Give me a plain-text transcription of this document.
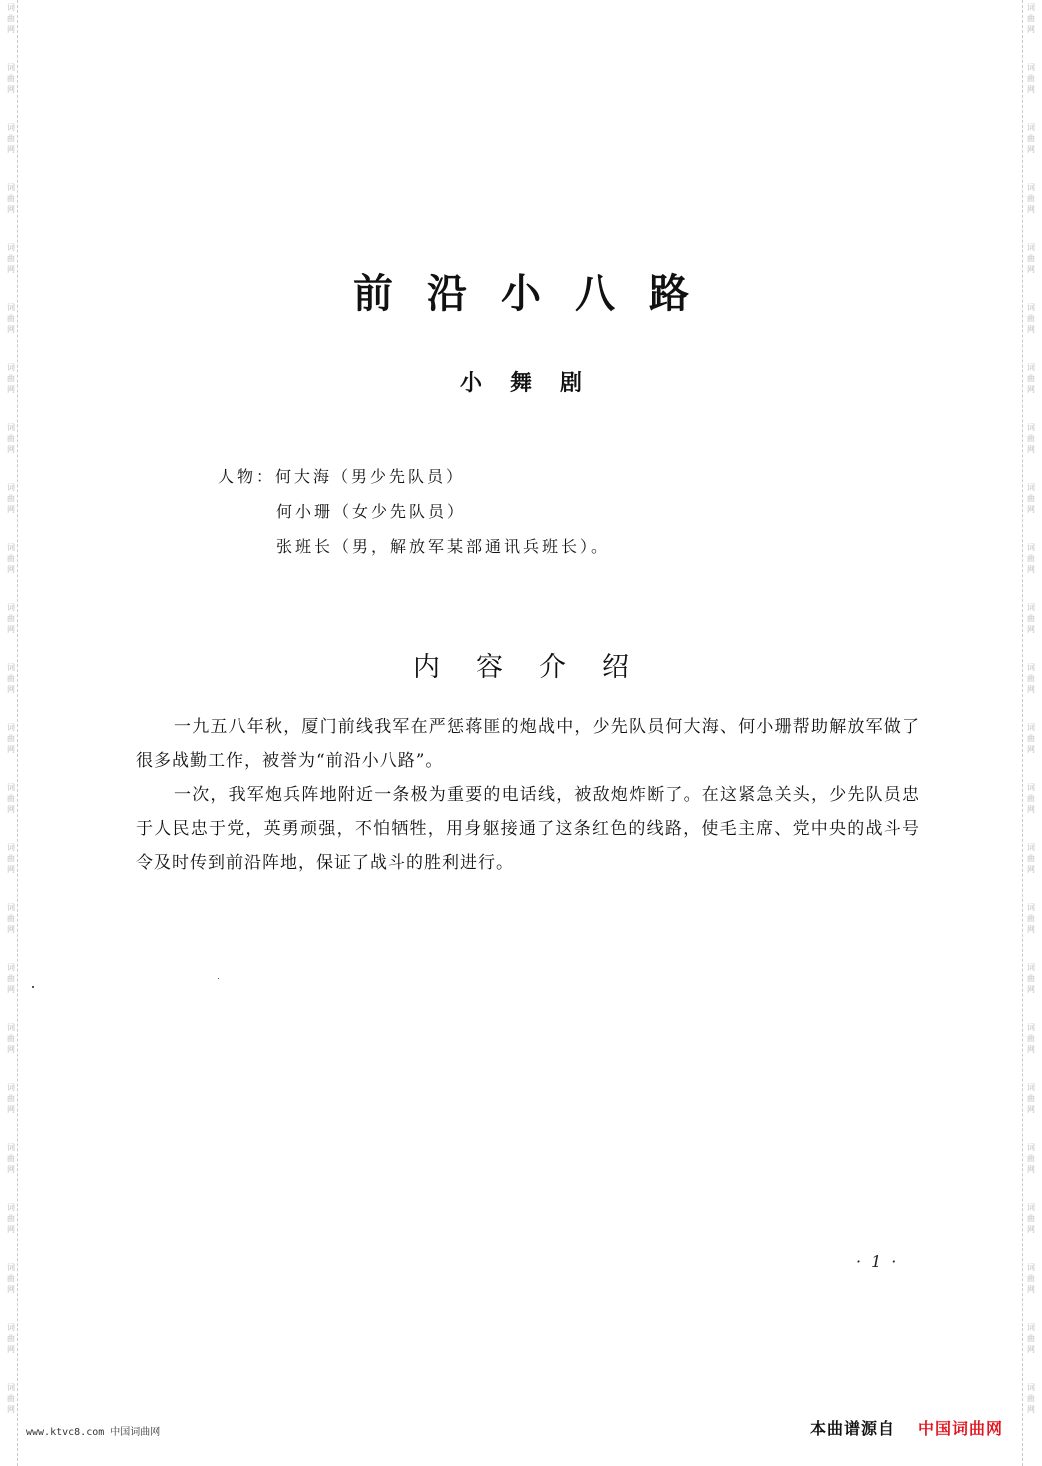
词
曲
网
词
曲
网
词
曲
网
词
曲
网
词
曲
网
词
曲
网
词
曲
网
词
曲
网
词
曲
网
词
曲
网
词
曲
网
词
曲
网
词
曲
网
词
曲
网
词
曲
网
词
曲
网
词
曲
网
词
曲
网
词
曲
网
词
曲
网
词
曲
网
词
曲
网
词
曲
网
词
曲
网
词
曲
网
词
曲
网
词
曲
网
词
曲
网
词
曲
网
词
曲
网
词
曲
网
词
曲
网
词
曲
网
词
曲
网
词
曲
网
词
曲
网
词
曲
网
词
曲
网
词
曲
网
词
曲
网
词
曲
网
词
曲
网
词
曲
网
词
曲
网
词
曲
网
词
曲
网
词
曲
网
词
曲
网
前沿小八路
小舞剧
人物：何大海（男少先队员）
何小珊（女少先队员）
张班长（男，解放军某部通讯兵班长）。
内容介绍

一九五八年秋，厦门前线我军在严惩蒋匪的炮战中，少先队员何大海、何小珊帮助解放军做了很多战勤工作，被誉为“前沿小八路”。

一次，我军炮兵阵地附近一条极为重要的电话线，被敌炮炸断了。在这紧急关头，少先队员忠于人民忠于党，英勇顽强，不怕牺牲，用身躯接通了这条红色的线路，使毛主席、党中央的战斗号令及时传到前沿阵地，保证了战斗的胜利进行。

·1·
www.ktvc8.com 中国词曲网	本曲谱源自 中国词曲网
